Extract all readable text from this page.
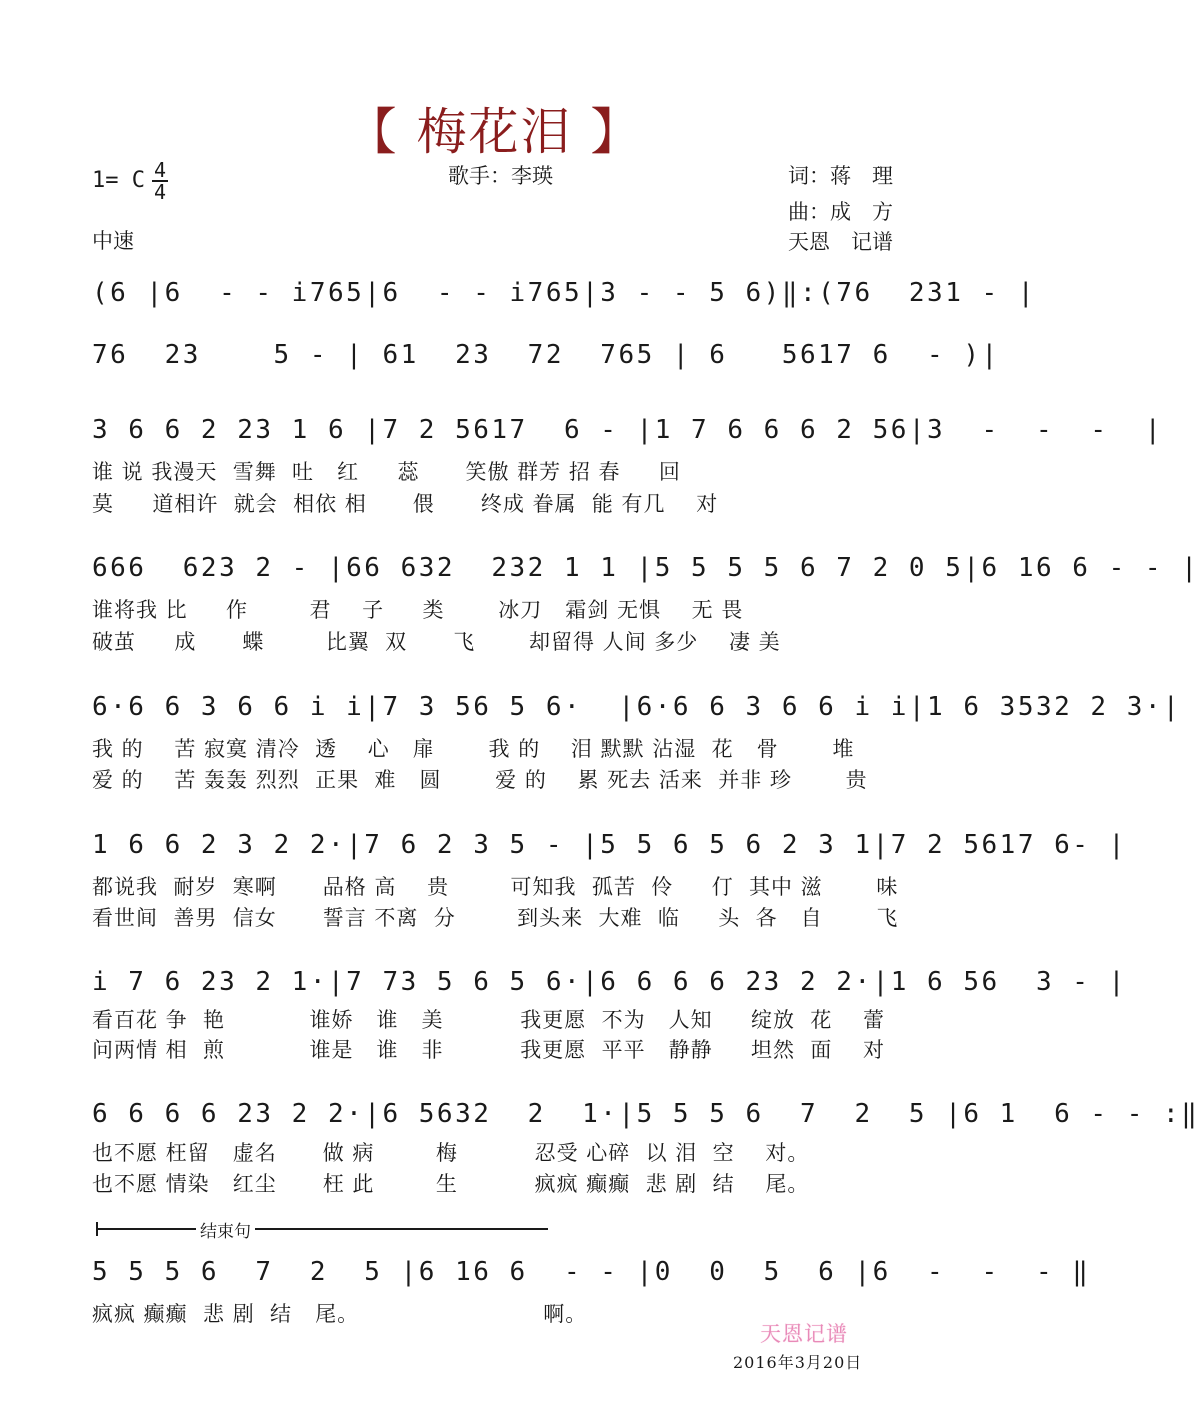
【 梅花泪 】
1= C 4
4
中速
歌手：李瑛	词：蒋　理
曲：成　方
天恩　记谱
(6 |6  - - i765|6  - - i765|3 - - 5 6)‖:(76  231 - |
76  23    5 - | 61  23  72  765 | 6   5617 6  - )|
3 6 6 2 23 1 6 |7 2 5617  6 - |1 7 6 6 6 2 56|3  -  -  -  |
谁 说 我漫天  雪舞  吐   红     蕊      笑傲 群芳 招 春     回
莫     道相许  就会  相依 相      偎      终成 眷属  能 有几    对
666  623 2 - |66 632  232 1 1 |5 5 5 5 6 7 2 0 5|6 16 6 - - |
谁将我 比     作        君    子     类       冰刀   霜剑 无惧    无 畏
破茧     成      蝶        比翼  双      飞       却留得 人间 多少    凄 美
6·6 6 3 6 6 i i|7 3 56 5 6·  |6·6 6 3 6 6 i i|1 6 3532 2 3·|
我 的    苦 寂寞 清冷  透    心   扉       我 的    泪 默默 沾湿  花   骨       堆
爱 的    苦 轰轰 烈烈  正果  难   圆       爱 的    累 死去 活来  并非 珍       贵
1 6 6 2 3 2 2·|7 6 2 3 5 - |5 5 6 5 6 2 3 1|7 2 5617 6- |
都说我  耐岁  寒啊      品格 高    贵        可知我  孤苦  伶     仃  其中 滋       味
看世间  善男  信女      誓言 不离  分        到头来  大难  临     头  各   自       飞
i 7 6 23 2 1·|7 73 5 6 5 6·|6 6 6 6 23 2 2·|1 6 56  3 - |
看百花 争  艳           谁娇   谁   美          我更愿  不为   人知     绽放  花    蕾
问两情 相  煎           谁是   谁   非          我更愿  平平   静静     坦然  面    对
6 6 6 6 23 2 2·|6 5632  2  1·|5 5 5 6  7  2  5 |6 1  6 - - :‖
也不愿 枉留   虚名      做 病        梅          忍受 心碎  以 泪  空    对。
也不愿 情染   红尘      枉 此        生          疯疯 癫癫  悲 剧  结    尾。
结束句
5 5 5 6  7  2  5 |6 16 6  - - |0  0  5  6 |6  -  -  - ‖
疯疯 癫癫  悲 剧  结   尾。                        啊。
天恩记谱
2016年3月20日
